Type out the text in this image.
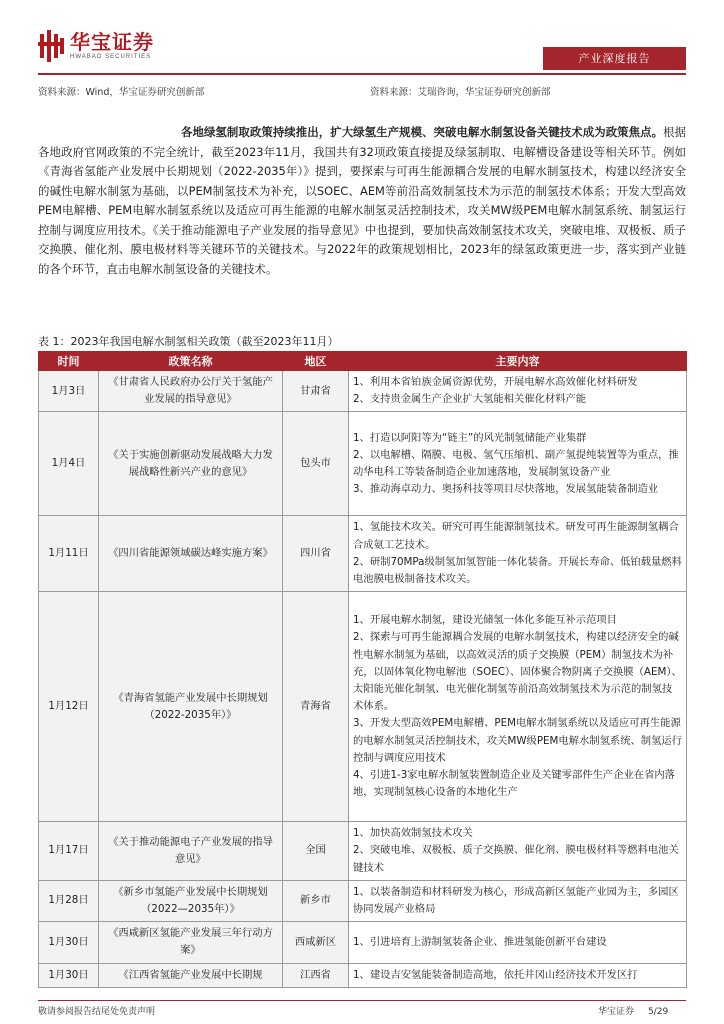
华宝证券
HWABAO SECURITIES	产业深度报告
资料来源：Wind，华宝证券研究创新部	资料来源：艾瑞咨询，华宝证券研究创新部
各地绿氢制取政策持续推出，扩大绿氢生产规模、突破电解水制氢设备关键技术成为政策焦点。根据各地政府官网政策的不完全统计，截至2023年11月，我国共有32项政策直接提及绿氢制取、电解槽设备建设等相关环节。例如《青海省氢能产业发展中长期规划（2022-2035年）》提到，要探索与可再生能源耦合发展的电解水制氢技术，构建以经济安全的碱性电解水制氢为基础，以PEM制氢技术为补充，以SOEC、AEM等前沿高效制氢技术为示范的制氢技术体系；开发大型高效PEM电解槽、PEM电解水制氢系统以及适应可再生能源的电解水制氢灵活控制技术，攻关MW级PEM电解水制氢系统、制氢运行控制与调度应用技术。《关于推动能源电子产业发展的指导意见》中也提到，要加快高效制氢技术攻关，突破电堆、双极板、质子交换膜、催化剂、膜电极材料等关键环节的关键技术。与2022年的政策规划相比，2023年的绿氢政策更进一步，落实到产业链的各个环节，直击电解水制氢设备的关键技术。
表 1：2023年我国电解水制氢相关政策（截至2023年11月）
时间	政策名称	地区	主要内容
1月3日	《甘肃省人民政府办公厅关于氢能产业发展的指导意见》	甘肃省	1、利用本省铂族金属资源优势，开展电解水高效催化材料研发
2、支持贵金属生产企业扩大氢能相关催化材料产能

1月4日	《关于实施创新驱动发展战略大力发展战略性新兴产业的意见》	包头市	1、打造以阿阳等为“链主”的风光制氢储能产业集群
2、以电解槽、隔膜、电极、氢气压缩机、副产氢提纯装置等为重点，推动华电科工等装备制造企业加速落地，发展制氢设备产业
3、推动海卓动力、奥扬科技等项目尽快落地，发展氢能装备制造业

1月11日	《四川省能源领域碳达峰实施方案》	四川省	1、氢能技术攻关。研究可再生能源制氢技术。研发可再生能源制氢耦合合成氨工艺技术。
2、研制70MPa级制氢加氢智能一体化装备。开展长寿命、低铂载量燃料电池膜电极制备技术攻关。

1月12日	《青海省氢能产业发展中长期规划（2022-2035年）》	青海省	1、开展电解水制氢，建设光储氢一体化多能互补示范项目
2、探索与可再生能源耦合发展的电解水制氢技术，构建以经济安全的碱性电解水制氢为基础，以高效灵活的质子交换膜（PEM）制氢技术为补充，以固体氧化物电解池（SOEC）、固体聚合物阴离子交换膜（AEM）、太阳能光催化制氢、电光催化制氢等前沿高效制氢技术为示范的制氢技术体系。
3、开发大型高效PEM电解槽、PEM电解水制氢系统以及适应可再生能源的电解水制氢灵活控制技术，攻关MW级PEM电解水制氢系统、制氢运行控制与调度应用技术
4、引进1-3家电解水制氢装置制造企业及关键零部件生产企业在省内落地，实现制氢核心设备的本地化生产

1月17日	《关于推动能源电子产业发展的指导意见》	全国	1、加快高效制氢技术攻关
2、突破电堆、双极板、质子交换膜、催化剂、膜电极材料等燃料电池关键技术

1月28日	《新乡市氢能产业发展中长期规划（2022—2035年）》	新乡市	1、以装备制造和材料研发为核心，形成高新区氢能产业园为主，多园区协同发展产业格局

1月30日	《西咸新区氢能产业发展三年行动方案》	西咸新区	1、引进培育上游制氢装备企业、推进氢能创新平台建设

1月30日	《江西省氢能产业发展中长期规	江西省	1、建设吉安氢能装备制造高地，依托井冈山经济技术开发区打
敬请参阅报告结尾处免责声明	华宝证券 5/29
